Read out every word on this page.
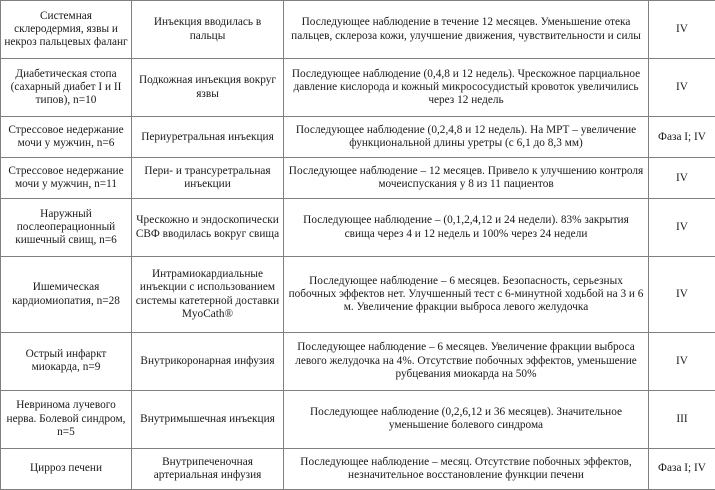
Системная склеродермия, язвы и некроз пальцевых фаланг	Инъекция вводилась в пальцы	Последующее наблюдение в течение 12 месяцев. Уменьшение отека пальцев, склероза кожи, улучшение движения, чувствительности и силы	IV
Диабетическая стопа (сахарный диабет I и II типов), n=10	Подкожная инъекция вокруг язвы	Последующее наблюдение (0,4,8 и 12 недель). Чрескожное парциальное давление кислорода и кожный микрососудистый кровоток увеличились через 12 недель	IV
Стрессовое недержание мочи у мужчин, n=6	Периуретральная инъекция	Последующее наблюдение (0,2,4,8 и 12 недель). На МРТ – увеличение функциональной длины уретры (с 6,1 до 8,3 мм)	Фаза I; IV
Стрессовое недержание мочи у мужчин, n=11	Пери- и трансуретральная инъекции	Последующее наблюдение – 12 месяцев. Привело к улучшению контроля мочеиспускания у 8 из 11 пациентов	IV
Наружный послеоперационный кишечный свищ, n=6	Чрескожно и эндоскопически СВФ вводилась вокруг свища	Последующее наблюдение – (0,1,2,4,12 и 24 недели). 83% закрытия свища через 4 и 12 недель и 100% через 24 недели	IV
Ишемическая кардиомиопатия, n=28	Интрамиокардиальные инъекции с использованием системы катетерной доставки MyoCath®	Последующее наблюдение – 6 месяцев. Безопасность, серьезных побочных эффектов нет. Улучшенный тест с 6-минутной ходьбой на 3 и 6 м. Увеличение фракции выброса левого желудочка	IV
Острый инфаркт миокарда, n=9	Внутрикоронарная инфузия	Последующее наблюдение – 6 месяцев. Увеличение фракции выброса левого желудочка на 4%. Отсутствие побочных эффектов, уменьшение рубцевания миокарда на 50%	IV
Невринома лучевого нерва. Болевой синдром, n=5	Внутримышечная инъекция	Последующее наблюдение (0,2,6,12 и 36 месяцев). Значительное уменьшение болевого синдрома	III
Цирроз печени	Внутрипеченочная артериальная инфузия	Последующее наблюдение – месяц. Отсутствие побочных эффектов, незначительное восстановление функции печени	Фаза I; IV
